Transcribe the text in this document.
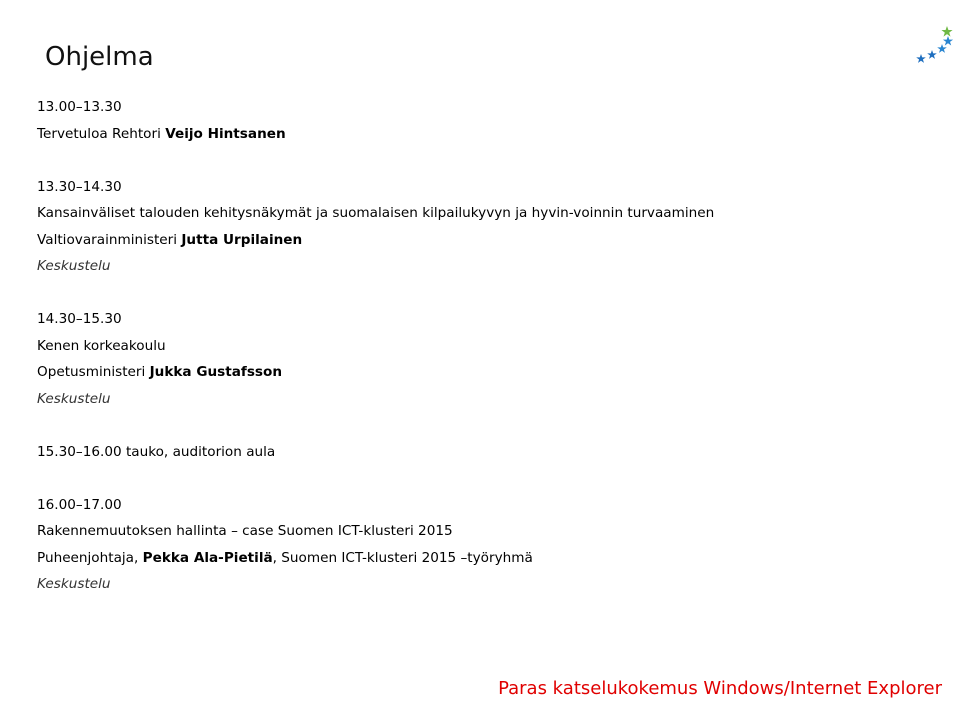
Ohjelma
13.00–13.30
Tervetuloa Rehtori Veijo Hintsanen
13.30–14.30
Kansainväliset talouden kehitysnäkymät ja suomalaisen kilpailukyvyn ja hyvin-voinnin turvaaminen
Valtiovarainministeri Jutta Urpilainen
Keskustelu
14.30–15.30
Kenen korkeakoulu
Opetusministeri Jukka Gustafsson
Keskustelu
15.30–16.00 tauko, auditorion aula
16.00–17.00
Rakennemuutoksen hallinta – case Suomen ICT-klusteri 2015
Puheenjohtaja, Pekka Ala-Pietilä, Suomen ICT-klusteri 2015 –työryhmä
Keskustelu
Paras katselukokemus Windows/Internet Explorer
